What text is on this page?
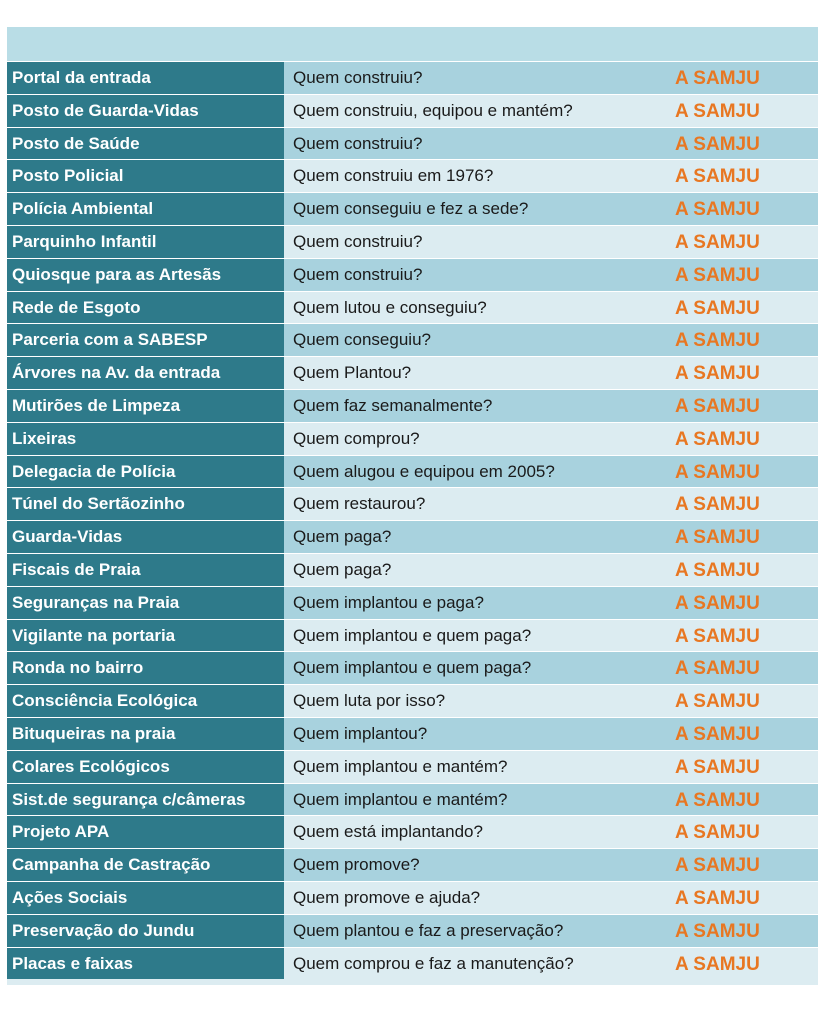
Portal da entrada	Quem construiu?	A SAMJU
Posto de Guarda-Vidas	Quem construiu, equipou e mantém?	A SAMJU
Posto de Saúde	Quem construiu?	A SAMJU
Posto Policial	Quem construiu em 1976?	A SAMJU
Polícia Ambiental	Quem conseguiu e fez a sede?	A SAMJU
Parquinho Infantil	Quem construiu?	A SAMJU
Quiosque para as Artesãs	Quem construiu?	A SAMJU
Rede de Esgoto	Quem lutou e conseguiu?	A SAMJU
Parceria com a SABESP	Quem conseguiu?	A SAMJU
Árvores na Av. da entrada	Quem Plantou?	A SAMJU
Mutirões de Limpeza	Quem faz semanalmente?	A SAMJU
Lixeiras	Quem comprou?	A SAMJU
Delegacia de Polícia	Quem alugou e equipou em 2005?	A SAMJU
Túnel do Sertãozinho	Quem restaurou?	A SAMJU
Guarda-Vidas	Quem paga?	A SAMJU
Fiscais de Praia	Quem paga?	A SAMJU
Seguranças na Praia	Quem implantou e paga?	A SAMJU
Vigilante na portaria	Quem implantou e quem paga?	A SAMJU
Ronda no bairro	Quem implantou e quem paga?	A SAMJU
Consciência Ecológica	Quem luta por isso?	A SAMJU
Bituqueiras na praia	Quem implantou?	A SAMJU
Colares Ecológicos	Quem implantou e mantém?	A SAMJU
Sist.de segurança c/câmeras	Quem implantou e mantém?	A SAMJU
Projeto APA	Quem está implantando?	A SAMJU
Campanha de Castração	Quem promove?	A SAMJU
Ações Sociais	Quem promove e ajuda?	A SAMJU
Preservação do Jundu	Quem plantou e faz a preservação?	A SAMJU
Placas e faixas	Quem comprou e faz a manutenção?	A SAMJU
